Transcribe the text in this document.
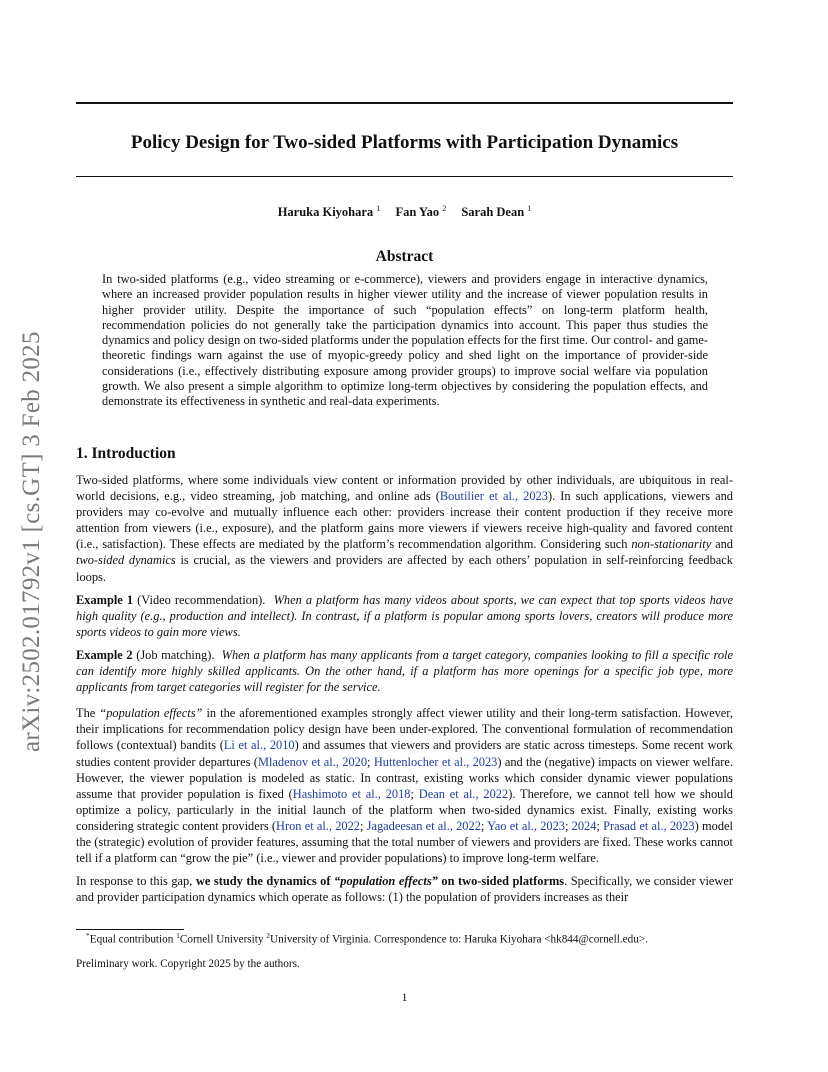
Policy Design for Two-sided Platforms with Participation Dynamics
Haruka Kiyohara $^1$ Fan Yao $^2$ Sarah Dean $^1$
Abstract

In two-sided platforms (e.g., video streaming or e-commerce), viewers and providers engage in interactive dynamics, where an increased provider population results in higher viewer utility and the increase of viewer population results in higher provider utility. Despite the importance of such “population effects” on long-term platform health, recommendation policies do not generally take the participation dynamics into account. This paper thus studies the dynamics and policy design on two-sided platforms under the population effects for the first time. Our control- and game-theoretic findings warn against the use of myopic-greedy policy and shed light on the importance of provider-side considerations (i.e., effectively distributing exposure among provider groups) to improve social welfare via population growth. We also present a simple algorithm to optimize long-term objectives by considering the population effects, and demonstrate its effectiveness in synthetic and real-data experiments.

arXiv:2502.01792v1 [cs.GT] 3 Feb 2025 1. Introduction

Two-sided platforms, where some individuals view content or information provided by other individuals, are ubiquitous in real-world decisions, e.g., video streaming, job matching, and online ads (Boutilier et al., 2023). In such applications, viewers and providers may co-evolve and mutually influence each other: providers increase their content production if they receive more attention from viewers (i.e., exposure), and the platform gains more viewers if viewers receive high-quality and favored content (i.e., satisfaction). These effects are mediated by the platform’s recommendation algorithm. Considering such non-stationarity and two-sided dynamics is crucial, as the viewers and providers are affected by each others’ population in self-reinforcing feedback loops.

Example 1 (Video recommendation). When a platform has many videos about sports, we can expect that top sports videos have high quality (e.g., production and intellect). In contrast, if a platform is popular among sports lovers, creators will produce more sports videos to gain more views.

Example 2 (Job matching). When a platform has many applicants from a target category, companies looking to fill a specific role can identify more highly skilled applicants. On the other hand, if a platform has more openings for a specific job type, more applicants from target categories will register for the service.

The “population effects” in the aforementioned examples strongly affect viewer utility and their long-term satisfaction. However, their implications for recommendation policy design have been under-explored. The conventional formulation of recommendation follows (contextual) bandits (Li et al., 2010) and assumes that viewers and providers are static across timesteps. Some recent work studies content provider departures (Mladenov et al., 2020; Huttenlocher et al., 2023) and the (negative) impacts on viewer welfare. However, the viewer population is modeled as static. In contrast, existing works which consider dynamic viewer populations assume that provider population is fixed (Hashimoto et al., 2018; Dean et al., 2022). Therefore, we cannot tell how we should optimize a policy, particularly in the initial launch of the platform when two-sided dynamics exist. Finally, existing works considering strategic content providers (Hron et al., 2022; Jagadeesan et al., 2022; Yao et al., 2023; 2024; Prasad et al., 2023) model the (strategic) evolution of provider features, assuming that the total number of viewers and providers are fixed. These works cannot tell if a platform can “grow the pie” (i.e., viewer and provider populations) to improve long-term welfare.

In response to this gap, we study the dynamics of “population effects” on two-sided platforms. Specifically, we consider viewer and provider participation dynamics which operate as follows: (1) the population of providers increases as their

*Equal contribution $^1$Cornell University $^2$University of Virginia. Correspondence to: Haruka Kiyohara <hk844@cornell.edu>.

Preliminary work. Copyright 2025 by the authors.

1
